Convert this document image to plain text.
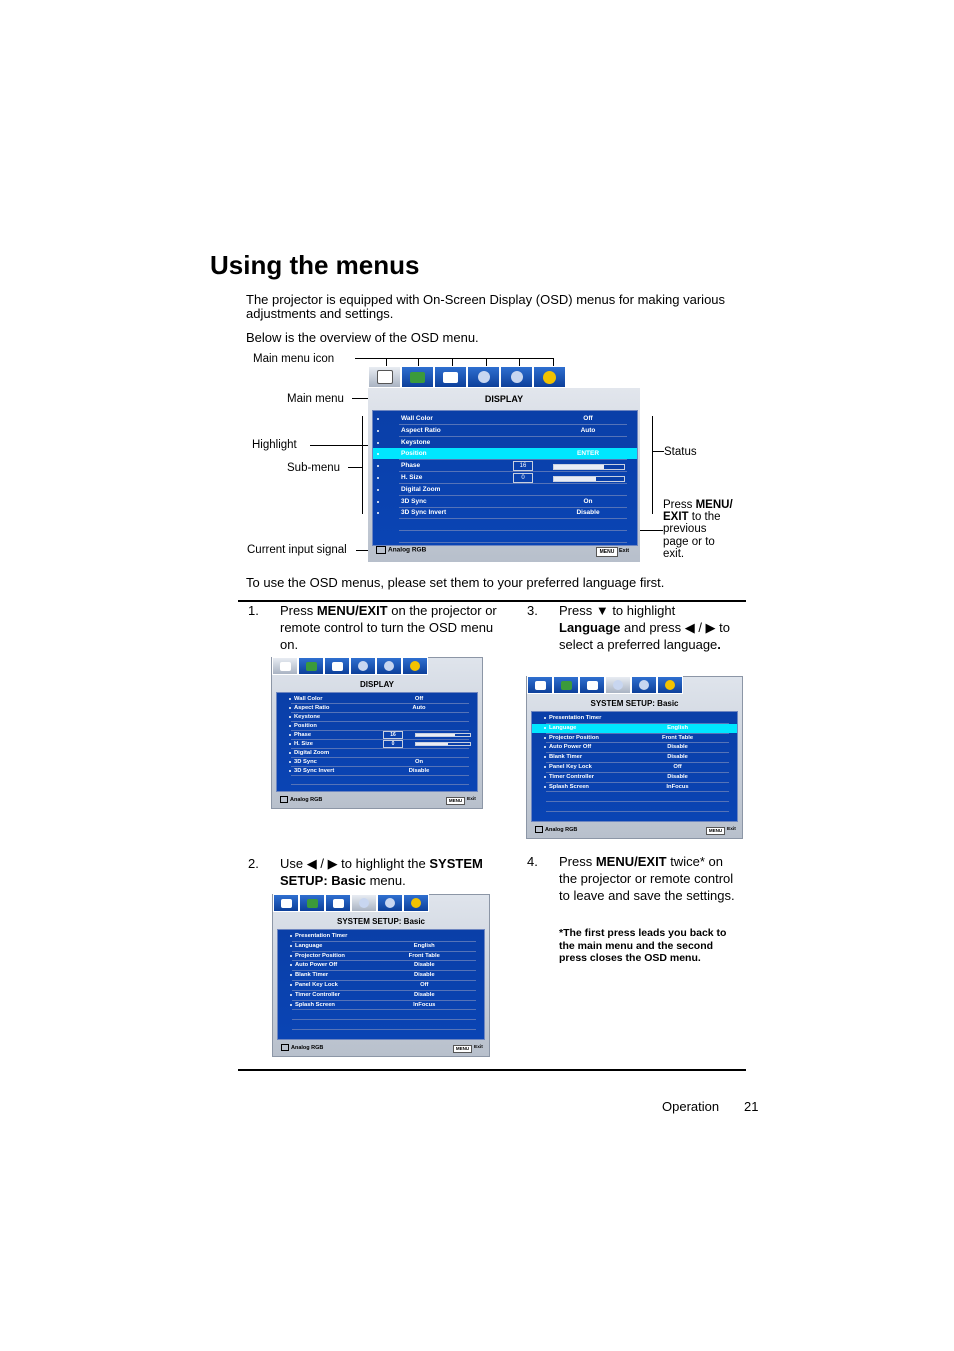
Using the menus
The projector is equipped with On-Screen Display (OSD) menus for making various adjustments and settings.
Below is the overview of the OSD menu.
Main menu icon
Main menu
Highlight
Sub-menu
Current input signal
Status
Press MENU/
EXIT to the
previous
page or to
exit.
DISPLAY
Wall Color	Off
Aspect Ratio	Auto
Keystone
Position	ENTER
Phase	16
H. Size	0
Digital Zoom
3D Sync	On
3D Sync Invert	Disable
Analog RGB	MENU Exit
To use the OSD menus, please set them to your preferred language first.
1. Press MENU/EXIT on the projector or remote control to turn the OSD menu on.
3. Press ▼ to highlight Language and press ◀ / ▶ to select a preferred language.
2. Use ◀ / ▶ to highlight the SYSTEM SETUP: Basic menu.
4. Press MENU/EXIT twice* on the projector or remote control to leave and save the settings.
*The first press leads you back to the main menu and the second press closes the OSD menu.
DISPLAY
Wall Color	Off
Aspect Ratio	Auto
Keystone
Position
Phase	16
H. Size	0
Digital Zoom
3D Sync	On
3D Sync Invert	Disable
Analog RGB	MENU	Exit
SYSTEM SETUP: Basic
Presentation Timer
Language	English
Projector Position	Front Table
Auto Power Off	Disable
Blank Timer	Disable
Panel Key Lock	Off
Timer Controller	Disable
Splash Screen	InFocus
Analog RGB	MENU	Exit
SYSTEM SETUP: Basic
Presentation Timer
Language	English
Projector Position	Front Table
Auto Power Off	Disable
Blank Timer	Disable
Panel Key Lock	Off
Timer Controller	Disable
Splash Screen	InFocus
Analog RGB	MENU	Exit
Operation 21
